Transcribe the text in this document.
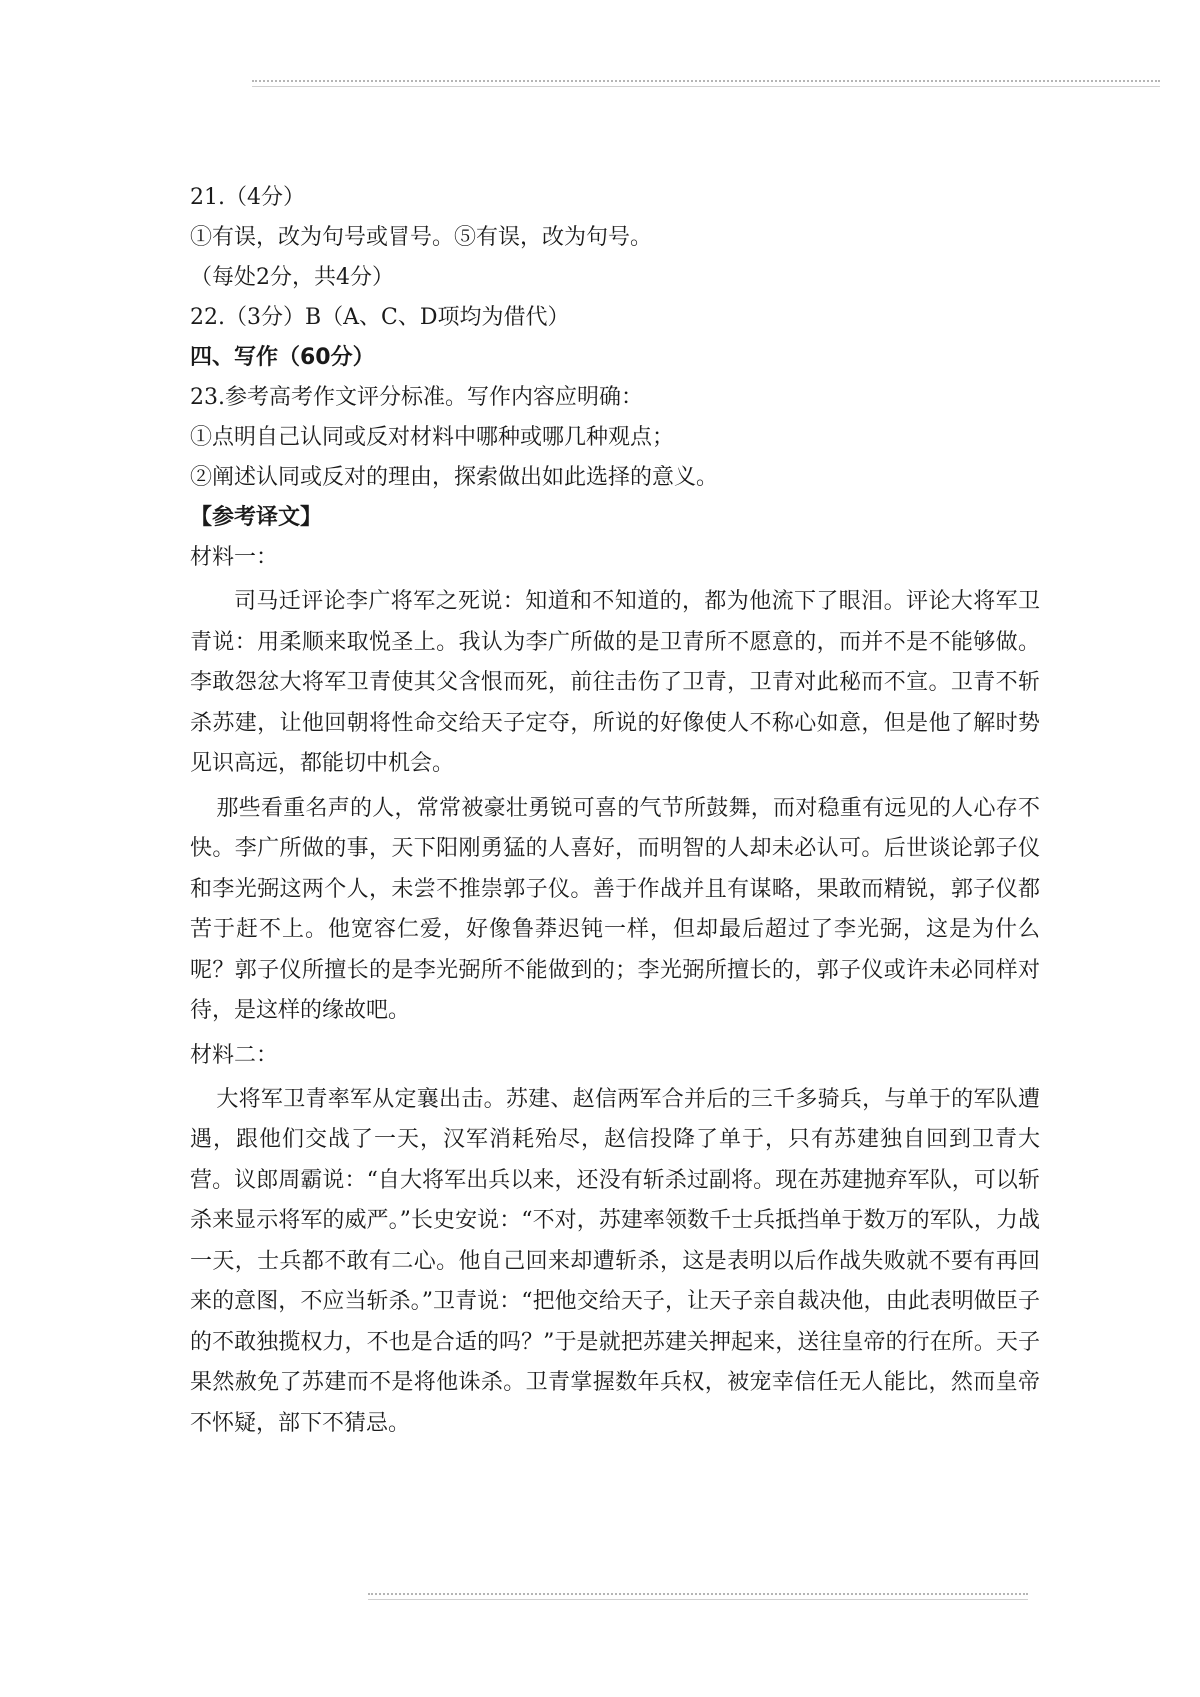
21.（4分）
①有误，改为句号或冒号。⑤有误，改为句号。
（每处2分，共4分）
22.（3分）B（A、C、D项均为借代）
四、写作（60分）
23.参考高考作文评分标准。写作内容应明确：
①点明自己认同或反对材料中哪种或哪几种观点；
②阐述认同或反对的理由，探索做出如此选择的意义。
【参考译文】
材料一：
司马迁评论李广将军之死说：知道和不知道的，都为他流下了眼泪。评论大将军卫青说：用柔顺来取悦圣上。我认为李广所做的是卫青所不愿意的，而并不是不能够做。李敢怨忿大将军卫青使其父含恨而死，前往击伤了卫青，卫青对此秘而不宣。卫青不斩杀苏建，让他回朝将性命交给天子定夺，所说的好像使人不称心如意，但是他了解时势见识高远，都能切中机会。
那些看重名声的人，常常被豪壮勇锐可喜的气节所鼓舞，而对稳重有远见的人心存不快。李广所做的事，天下阳刚勇猛的人喜好，而明智的人却未必认可。后世谈论郭子仪和李光弼这两个人，未尝不推崇郭子仪。善于作战并且有谋略，果敢而精锐，郭子仪都苦于赶不上。他宽容仁爱，好像鲁莽迟钝一样，但却最后超过了李光弼，这是为什么呢？郭子仪所擅长的是李光弼所不能做到的；李光弼所擅长的，郭子仪或许未必同样对待，是这样的缘故吧。
材料二：
大将军卫青率军从定襄出击。苏建、赵信两军合并后的三千多骑兵，与单于的军队遭遇，跟他们交战了一天，汉军消耗殆尽，赵信投降了单于，只有苏建独自回到卫青大营。议郎周霸说：“自大将军出兵以来，还没有斩杀过副将。现在苏建抛弃军队，可以斩杀来显示将军的威严。”长史安说：“不对，苏建率领数千士兵抵挡单于数万的军队，力战一天，士兵都不敢有二心。他自己回来却遭斩杀，这是表明以后作战失败就不要有再回来的意图，不应当斩杀。”卫青说：“把他交给天子，让天子亲自裁决他，由此表明做臣子的不敢独揽权力，不也是合适的吗？”于是就把苏建关押起来，送往皇帝的行在所。天子果然赦免了苏建而不是将他诛杀。卫青掌握数年兵权，被宠幸信任无人能比，然而皇帝不怀疑，部下不猜忌。
